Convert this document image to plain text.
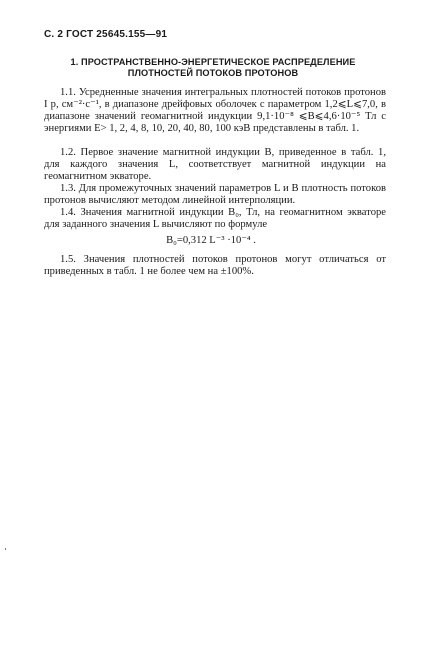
С. 2 ГОСТ 25645.155—91
1. ПРОСТРАНСТВЕННО-ЭНЕРГЕТИЧЕСКОЕ РАСПРЕДЕЛЕНИЕ
ПЛОТНОСТЕЙ ПОТОКОВ ПРОТОНОВ
1.1. Усредненные значения интегральных плотностей потоков протонов I p, см⁻²·с⁻¹, в диапазоне дрейфовых оболочек с параметром 1,2⩽L⩽7,0, в диапазоне значений геомагнитной индукции 9,1·10⁻⁸ ⩽B⩽4,6·10⁻⁵ Тл с энергиями E> 1, 2, 4, 8, 10, 20, 40, 80, 100 кэВ представлены в табл. 1.
1.2. Первое значение магнитной индукции В, приведенное в табл. 1, для каждого значения L, соответствует магнитной индукции на геомагнитном экваторе.
1.3. Для промежуточных значений параметров L и В плотность потоков протонов вычисляют методом линейной интерполяции.
1.4. Значения магнитной индукции B₀, Тл, на геомагнитном экваторе для заданного значения L вычисляют по формуле
B₀=0,312 L⁻³ ·10⁻⁴ .
1.5. Значения плотностей потоков протонов могут отличаться от приведенных в табл. 1 не более чем на ±100%.
